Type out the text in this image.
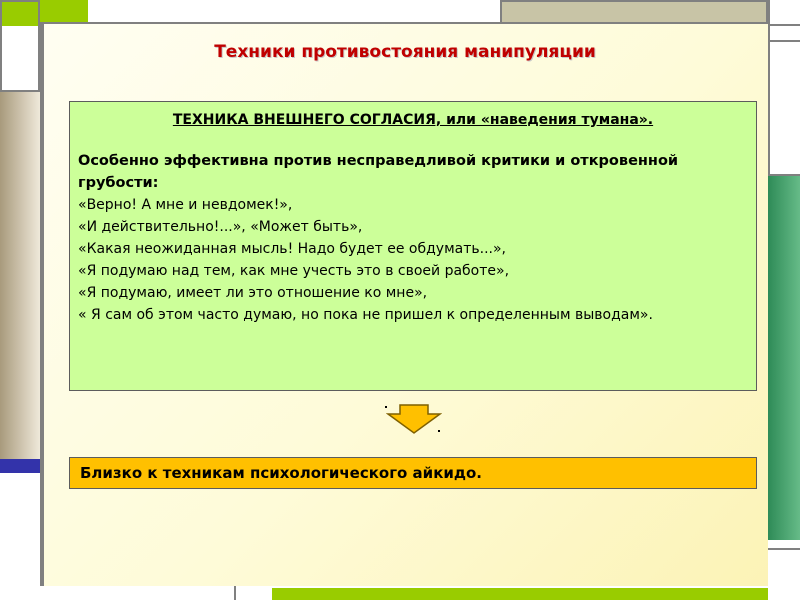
Техники противостояния манипуляции

ТЕХНИКА ВНЕШНЕГО СОГЛАСИЯ, или «наведения тумана».

Особенно эффективна против несправедливой критики и откровенной грубости:

«Верно! А мне и невдомек!»,
«И действительно!...», «Может быть»,
«Какая неожиданная мысль! Надо будет ее обдумать...»,
«Я подумаю над тем, как мне учесть это в своей работе»,
«Я подумаю, имеет ли это отношение ко мне»,
« Я сам об этом часто думаю, но пока не пришел к определенным выводам».
Близко к техникам психологического айкидо.
